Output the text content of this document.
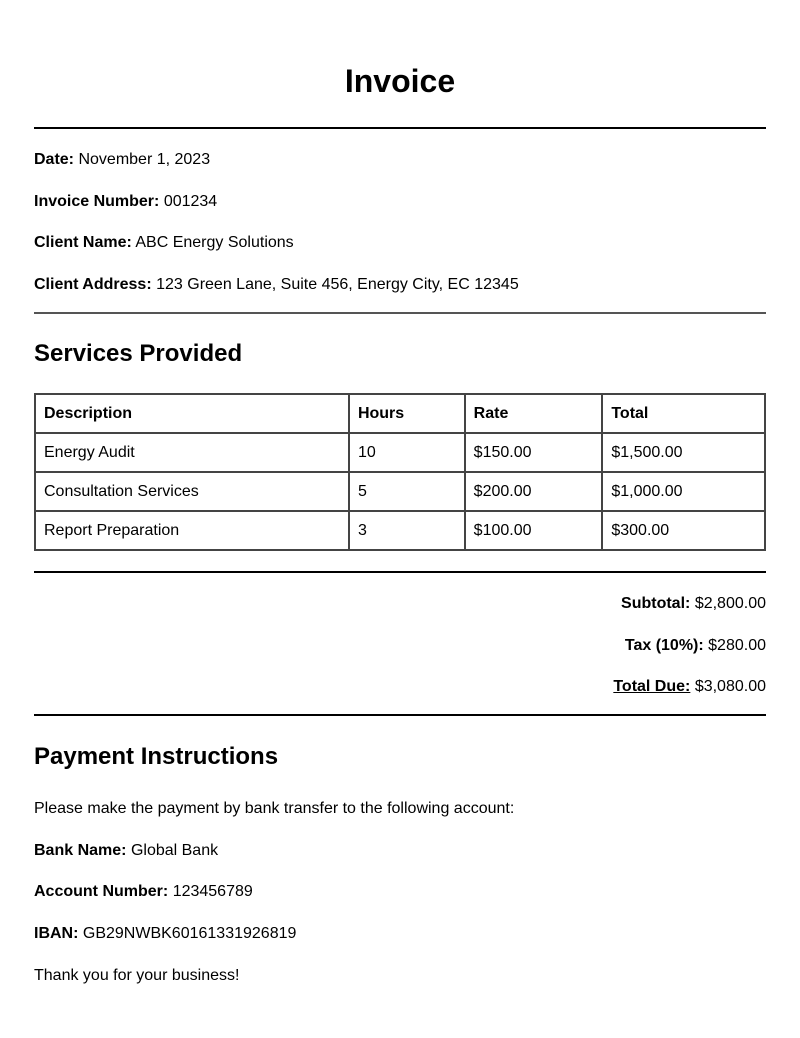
Invoice
Date: November 1, 2023
Invoice Number: 001234
Client Name: ABC Energy Solutions
Client Address: 123 Green Lane, Suite 456, Energy City, EC 12345
Services Provided
Description	Hours	Rate	Total
Energy Audit	10	$150.00	$1,500.00
Consultation Services	5	$200.00	$1,000.00
Report Preparation	3	$100.00	$300.00
Subtotal: $2,800.00
Tax (10%): $280.00
Total Due: $3,080.00
Payment Instructions
Please make the payment by bank transfer to the following account:
Bank Name: Global Bank
Account Number: 123456789
IBAN: GB29NWBK60161331926819
Thank you for your business!
